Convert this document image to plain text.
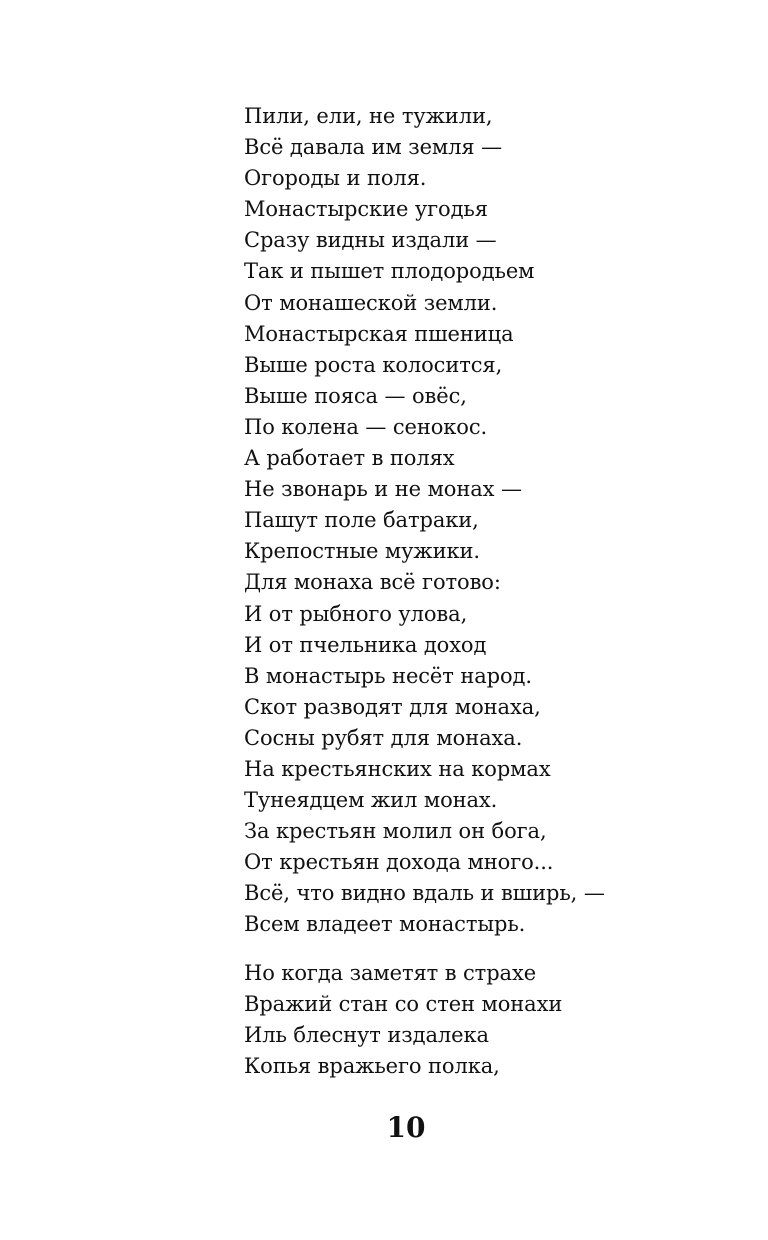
Пили, ели, не тужили,
Всё давала им земля —
Огороды и поля.
Монастырские угодья
Сразу видны издали —
Так и пышет плодородьем
От монашеской земли.
Монастырская пшеница
Выше роста колосится,
Выше пояса — овёс,
По колена — сенокос.
А работает в полях
Не звонарь и не монах —
Пашут поле батраки,
Крепостные мужики.
Для монаха всё готово:
И от рыбного улова,
И от пчельника доход
В монастырь несёт народ.
Скот разводят для монаха,
Сосны рубят для монаха.
На крестьянских на кормах
Тунеядцем жил монах.
За крестьян молил он бога,
От крестьян дохода много...
Всё, что видно вдаль и вширь, —
Всем владеет монастырь.
Но когда заметят в страхе
Вражий стан со стен монахи
Иль блеснут издалека
Копья вражьего полка,
10
